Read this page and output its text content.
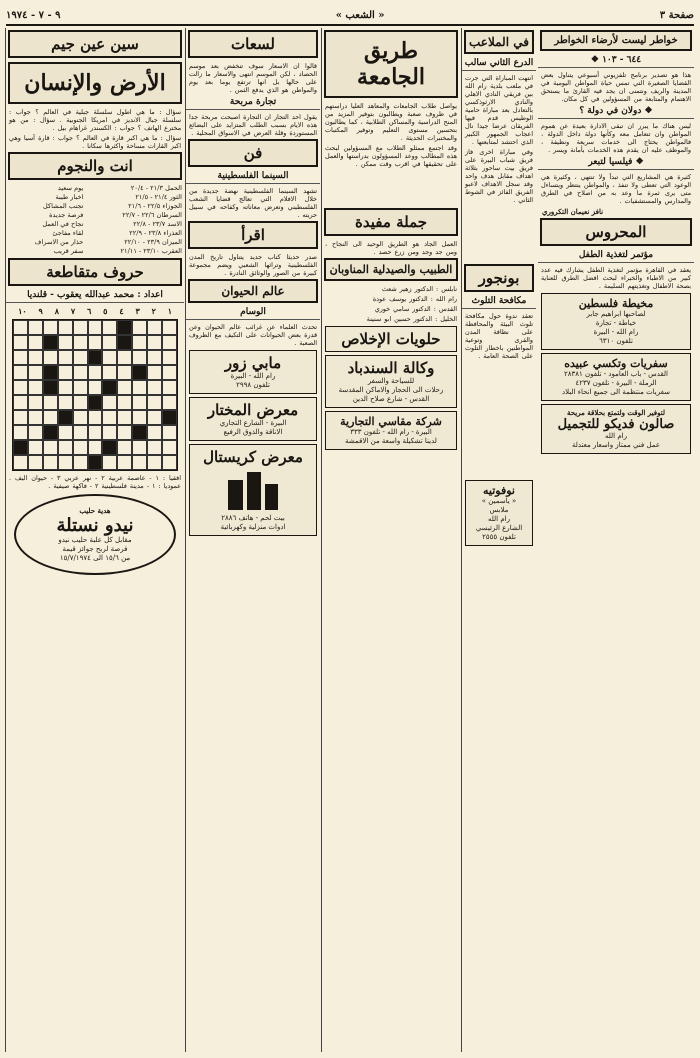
صفحة ٣
« الشعب »
٩ - ٧ - ١٩٧٤
خواطر ليست لأرضاء الخواطر
٦٤٤ - ١٠٣ ❖
هذا هو تصدير برنامج تلفزيوني أسبوعي يتناول بعض القضايا الصغيرة التي تمس حياة المواطن اليومية في المدينة والريف ونتمنى ان يجد فيه القارئ ما يستحق الاهتمام والمتابعة من المسؤولين في كل مكان.
❖ دولان في دولة ؟
ليس هناك ما يبرر ان تبقى الادارة بعيدة عن هموم المواطن وان تتعامل معه وكأنها دولة داخل الدولة ، فالمواطن يحتاج الى خدمات سريعة ونظيفة ، والموظف عليه ان يقدم هذه الخدمات بأمانة ويسر .
❖ فيلسيا لتبعر
كثيرة هي المشاريع التي تبدأ ولا تنتهي ، وكثيرة هي الوعود التي تعطى ولا تنفذ ، والمواطن ينتظر ويتساءل متى يرى ثمرة ما وعد به من اصلاح في الطرق والمدارس والمستشفيات .
نافز نعيمان التكروري
المحروس
مؤتمر لتغذية الطفل
يعقد في القاهرة مؤتمر لتغذية الطفل يشارك فيه عدد كبير من الاطباء والخبراء لبحث افضل الطرق للعناية بصحة الاطفال وتغذيتهم السليمة .
مخيطة فلسطين
لصاحبها ابراهيم جابر
خياطة - تجارة
رام الله - البيرة
تلفون ٦٣١٠
سفريات وتكسي عبيده
القدس - باب العامود - تلفون ٢٨٣٨١
الرملة - البيرة - تلفون ٤٢٣٧
سفريات منتظمة الى جميع انحاء البلاد
لتوفير الوقت ولتمتع بحلاقة مريحة
صالون فديكو للتجميل
رام الله
عمل فني ممتاز واسعار معتدلة
في الملاعب
الدرع الثاني سالب
انتهت المباراة التي جرت في ملعب بلدية رام الله بين فريقي النادي الاهلي والنادي الارثوذكسي بالتعادل بعد مباراة حامية الوطيس قدم فيها الفريقان عرضا جيدا نال اعجاب الجمهور الكبير الذي احتشد لمتابعتها .
وفي مباراة اخرى فاز فريق شباب البيرة على فريق بيت ساحور بثلاثة اهداف مقابل هدف واحد وقد سجل الاهداف لاعبو الفريق الفائز في الشوط الثاني .
بونجور
مكافحة التلوث
تعقد ندوة حول مكافحة تلوث البيئة والمحافظة على نظافة المدن والقرى وتوعية المواطنين باخطار التلوث على الصحة العامة .
نوفوتيه
« ياسمين »
ملابس
رام الله
الشارع الرئيسي
تلفون ٢٥٥٥
طريق الجامعة
يواصل طلاب الجامعات والمعاهد العليا دراستهم في ظروف صعبة ويطالبون بتوفير المزيد من المنح الدراسية والمساكن الطلابية ، كما يطالبون بتحسين مستوى التعليم وتوفير المكتبات والمختبرات الحديثة .
وقد اجتمع ممثلو الطلاب مع المسؤولين لبحث هذه المطالب ووعد المسؤولون بدراستها والعمل على تحقيقها في اقرب وقت ممكن .
جملة مفيدة
العمل الجاد هو الطريق الوحيد الى النجاح ، ومن جد وجد ومن زرع حصد .
الطبيب والصيدلية المناوبان
نابلس : الدكتور زهير شعث
رام الله : الدكتور يوسف عودة
القدس : الدكتور سامي خوري
الخليل : الدكتور حسين ابو سنينة
حلويات الإخلاص
وكالة السندباد
للسياحة والسفر
رحلات الى الحجاز والاماكن المقدسة
القدس - شارع صلاح الدين
شركة مقاسي التجارية
البيرة - رام الله - تلفون ٣٣٣
لدينا تشكيلة واسعة من الاقمشة
لسعات
قالوا ان الاسعار سوف تنخفض بعد موسم الحصاد ، لكن الموسم انتهى والاسعار ما زالت على حالها بل انها ترتفع يوما بعد يوم والمواطن هو الذي يدفع الثمن .
تجارة مربحة
يقول احد التجار ان التجارة اصبحت مربحة جدا هذه الايام بسبب الطلب المتزايد على البضائع المستوردة وقلة العرض في الاسواق المحلية .
فن
السينما الفلسطينية
تشهد السينما الفلسطينية نهضة جديدة من خلال الافلام التي تعالج قضايا الشعب الفلسطيني وتعرض معاناته وكفاحه في سبيل حريته .
اقرأ
صدر حديثا كتاب جديد يتناول تاريخ المدن الفلسطينية وتراثها الشعبي ويضم مجموعة كبيرة من الصور والوثائق النادرة .
عالم الحيوان
الوسام
تحدث العلماء عن غرائب عالم الحيوان وعن قدرة بعض الحيوانات على التكيف مع الظروف الصعبة .
مابي زور
رام الله - البيرة
تلفون ٢٩٩٨
معرض المختار
البيرة - الشارع التجاري
الاناقة والذوق الرفيع
معرض كريستال
بيت لحم - هاتف ٢٨٨٦
ادوات منزلية وكهربائية
سين عين جيم
الأرض والإنسان
سؤال : ما هي اطول سلسلة جبلية في العالم ؟ جواب : سلسلة جبال الانديز في امريكا الجنوبية . سؤال : من هو مخترع الهاتف ؟ جواب : الكسندر غراهام بيل .
سؤال : ما هي اكبر قارة في العالم ؟ جواب : قارة آسيا وهي اكبر القارات مساحة واكثرها سكانا .
انت والنجوم
الحمل ٢١/٣ - ٢٠/٤	يوم سعيد
الثور ٢١/٤ - ٢١/٥	اخبار طيبة
الجوزاء ٢٢/٥ - ٢١/٦	تجنب المشاكل
السرطان ٢٢/٦ - ٢٢/٧	فرصة جديدة
الاسد ٢٣/٧ - ٢٢/٨	نجاح في العمل
العذراء ٢٣/٨ - ٢٢/٩	لقاء مفاجئ
الميزان ٢٣/٩ - ٢٢/١٠	حذار من الاسراف
العقرب ٢٣/١٠ - ٢١/١١	سفر قريب
حروف متقاطعة
اعداد : محمد عبدالله يعقوب - قلنديا
١
٢
٣
٤
٥
٦
٧
٨
٩
١٠
افقيا : ١ - عاصمة عربية ٢ - نهر عربي ٣ - حيوان اليف . عموديا : ١ - مدينة فلسطينية ٢ - فاكهة صيفية .
هدية حليب
نيدو نستلة
مقابل كل علبة حليب نيدو
فرصة لربح جوائز قيمة
من ١٥/٦ الى ١٥/٧/١٩٧٤
